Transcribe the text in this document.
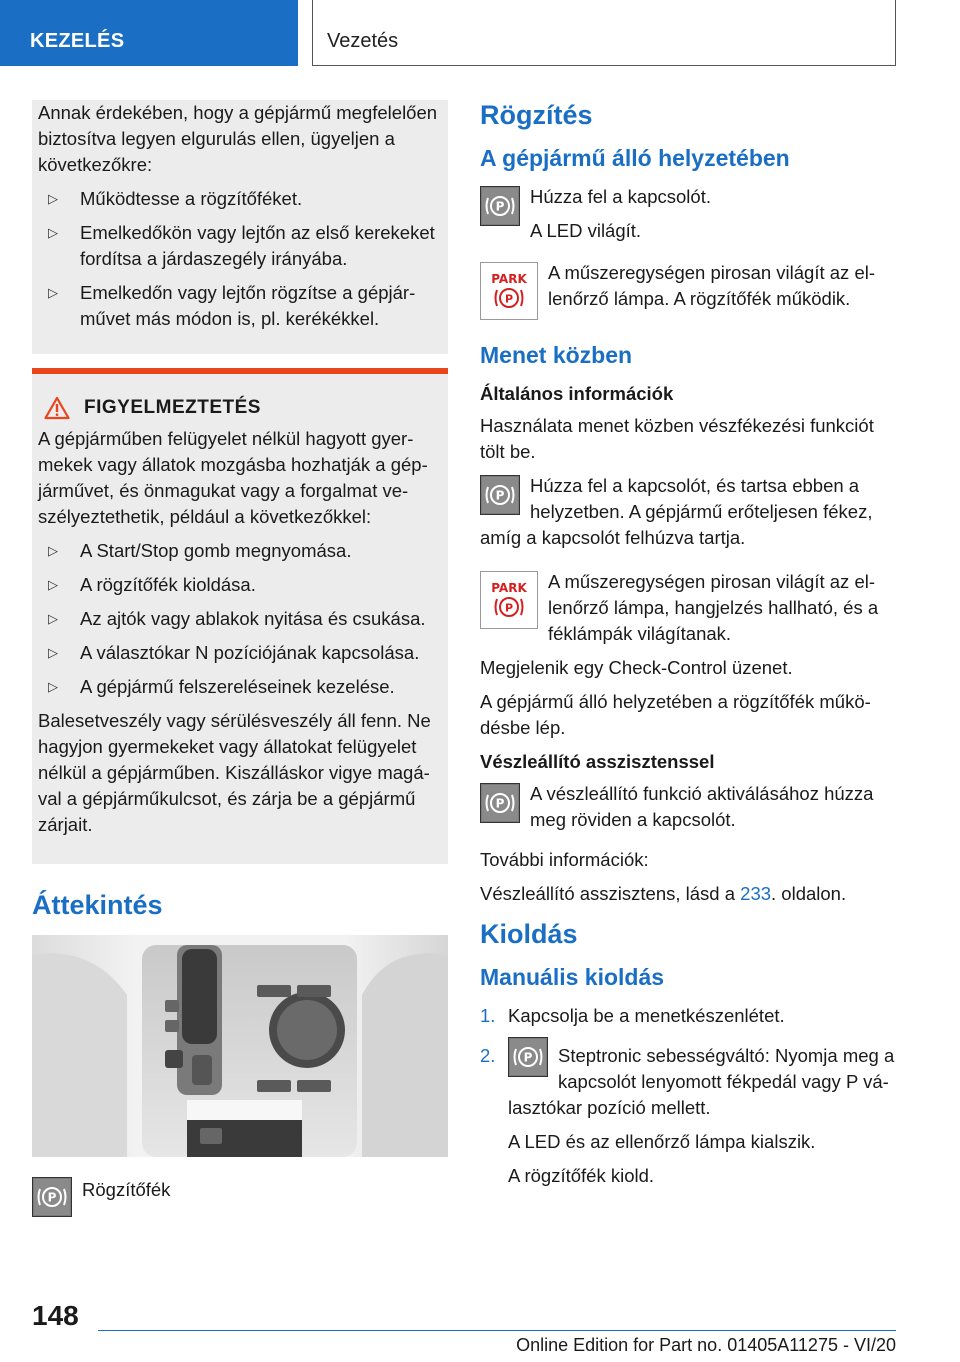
KEZELÉS	Vezetés

Annak érdekében, hogy a gépjármű megfelelően biztosítva legyen elgurulás ellen, ügyeljen a következőkre:

▷ Működtesse a rögzítőféket.
▷ Emelkedőkön vagy lejtőn az első kerekeket fordítsa a járdaszegély irányába.
▷ Emelkedőn vagy lejtőn rögzítse a gépjárművet más módon is, pl. kerékékkel.
FIGYELMEZTETÉS

A gépjárműben felügyelet nélkül hagyott gyermekek vagy állatok mozgásba hozhatják a gépjárművet, és önmagukat vagy a forgalmat veszélyeztethetik, például a következőkkel:

▷ A Start/Stop gomb megnyomása.
▷ A rögzítőfék kioldása.
▷ Az ajtók vagy ablakok nyitása és csukása.
▷ A választókar N pozíciójának kapcsolása.
▷ A gépjármű felszereléseinek kezelése.

Balesetveszély vagy sérülésveszély áll fenn. Ne hagyjon gyermekeket vagy állatokat felügyelet nélkül a gépjárműben. Kiszálláskor vigye magával a gépjárműkulcsot, és zárja be a gépjármű zárjait.

Áttekintés
P	Rögzítőfék

Rögzítés
A gépjármű álló helyzetében
P	Húzza fel a kapcsolót.

A LED világít.

PARK
P

A műszeregységen pirosan világít az ellenőrző lámpa. A rögzítőfék működik.

Menet közben
Általános információk

Használata menet közben vészfékezési funkciót tölt be.

P	Húzza fel a kapcsolót, és tartsa ebben a helyzetben. A gépjármű erőteljesen fékez, amíg a kapcsolót felhúzva tartja.

PARK
P

A műszeregységen pirosan világít az ellenőrző lámpa, hangjelzés hallható, és a féklámpák világítanak.

Megjelenik egy Check-Control üzenet.

A gépjármű álló helyzetében a rögzítőfék működésbe lép.

Vészleállító asszisztenssel
P	A vészleállító funkció aktiválásához húzza meg röviden a kapcsolót.

További információk:

Vészleállító asszisztens, lásd a 233. oldalon.

Kioldás
Manuális kioldás
1. Kapcsolja be a menetkészenlétet.
2. P Steptronic sebességváltó: Nyomja meg a kapcsolót lenyomott fékpedál vagy P választókar pozíció mellett.

A LED és az ellenőrző lámpa kialszik.

A rögzítőfék kiold.

148
Online Edition for Part no. 01405A11275 - VI/20
